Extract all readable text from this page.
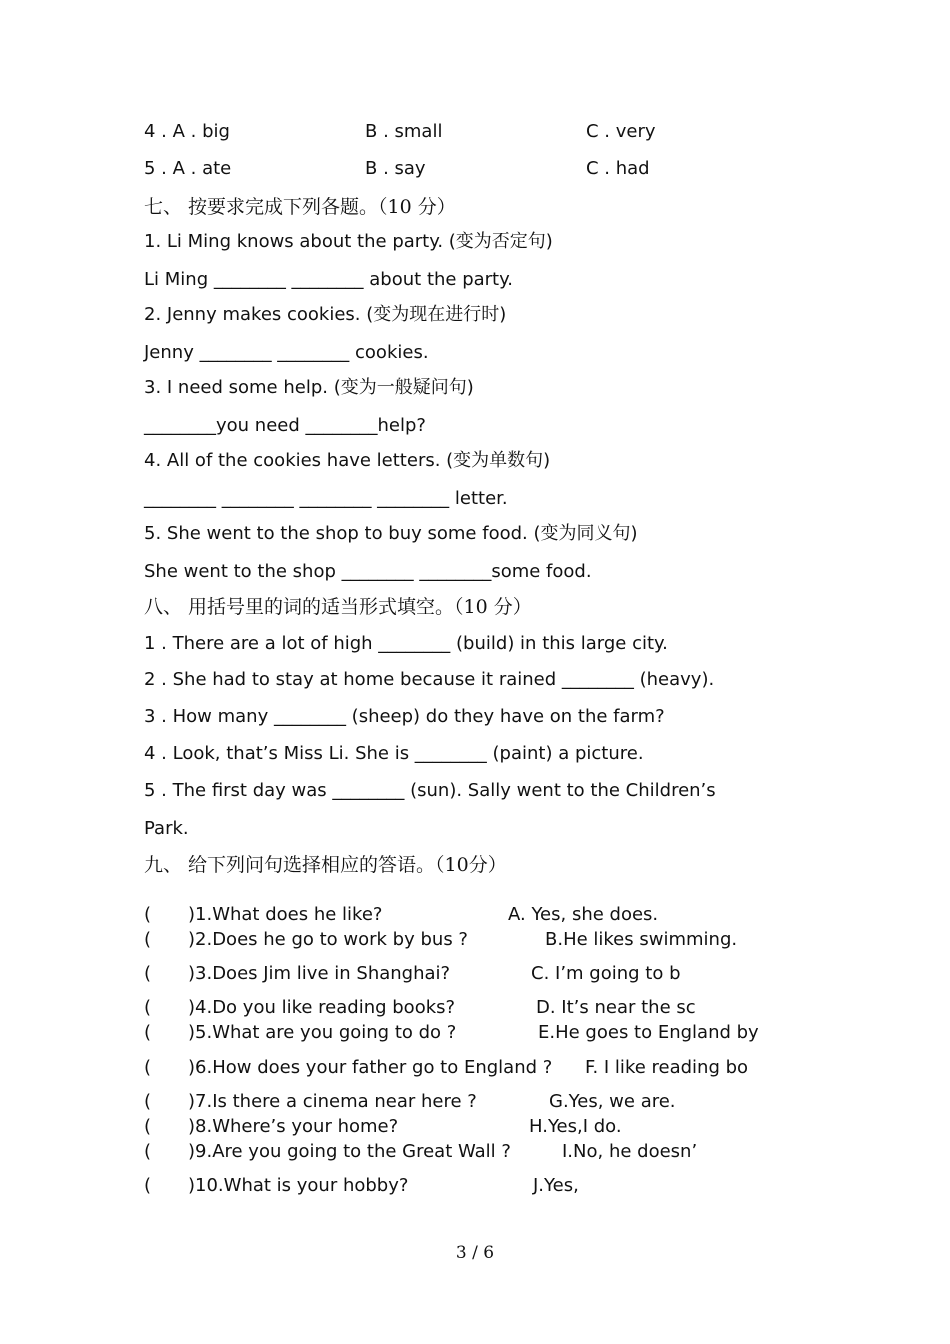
4 . A . big	B . small	C . very
5 . A . ate	B . say	C . had
七、 按要求完成下列各题。（10 分）
1. Li Ming knows about the party. (变为否定句)
Li Ming ________ ________ about the party.
2. Jenny makes cookies. (变为现在进行时)
Jenny ________ ________ cookies.
3. I need some help. (变为一般疑问句)
________you need ________help?
4. All of the cookies have letters. (变为单数句)
________ ________ ________ ________ letter.
5. She went to the shop to buy some food. (变为同义句)
She went to the shop ________ ________some food.
八、 用括号里的词的适当形式填空。（10 分）
1 . There are a lot of high ________ (build) in this large city.
2 . She had to stay at home because it rained ________ (heavy).
3 . How many ________ (sheep) do they have on the farm?
4 . Look, that’s Miss Li. She is ________ (paint) a picture.
5 . The first day was ________ (sun). Sally went to the Children’s
Park.
九、 给下列问句选择相应的答语。（10分）
( )1.What does he like?	A. Yes, she does.
( )2.Does he go to work by bus ?	B.He likes swimming.
( )3.Does Jim live in Shanghai?	C. I’m going to b
( )4.Do you like reading books?	D. It’s near the sc
( )5.What are you going to do ?	E.He goes to England by
( )6.How does your father go to England ? F. I like reading bo
( )7.Is there a cinema near here ?	G.Yes, we are.
( )8.Where’s your home?	H.Yes,I do.
( )9.Are you going to the Great Wall ?	I.No, he doesn’
( )10.What is your hobby?	J.Yes,
3 / 6
